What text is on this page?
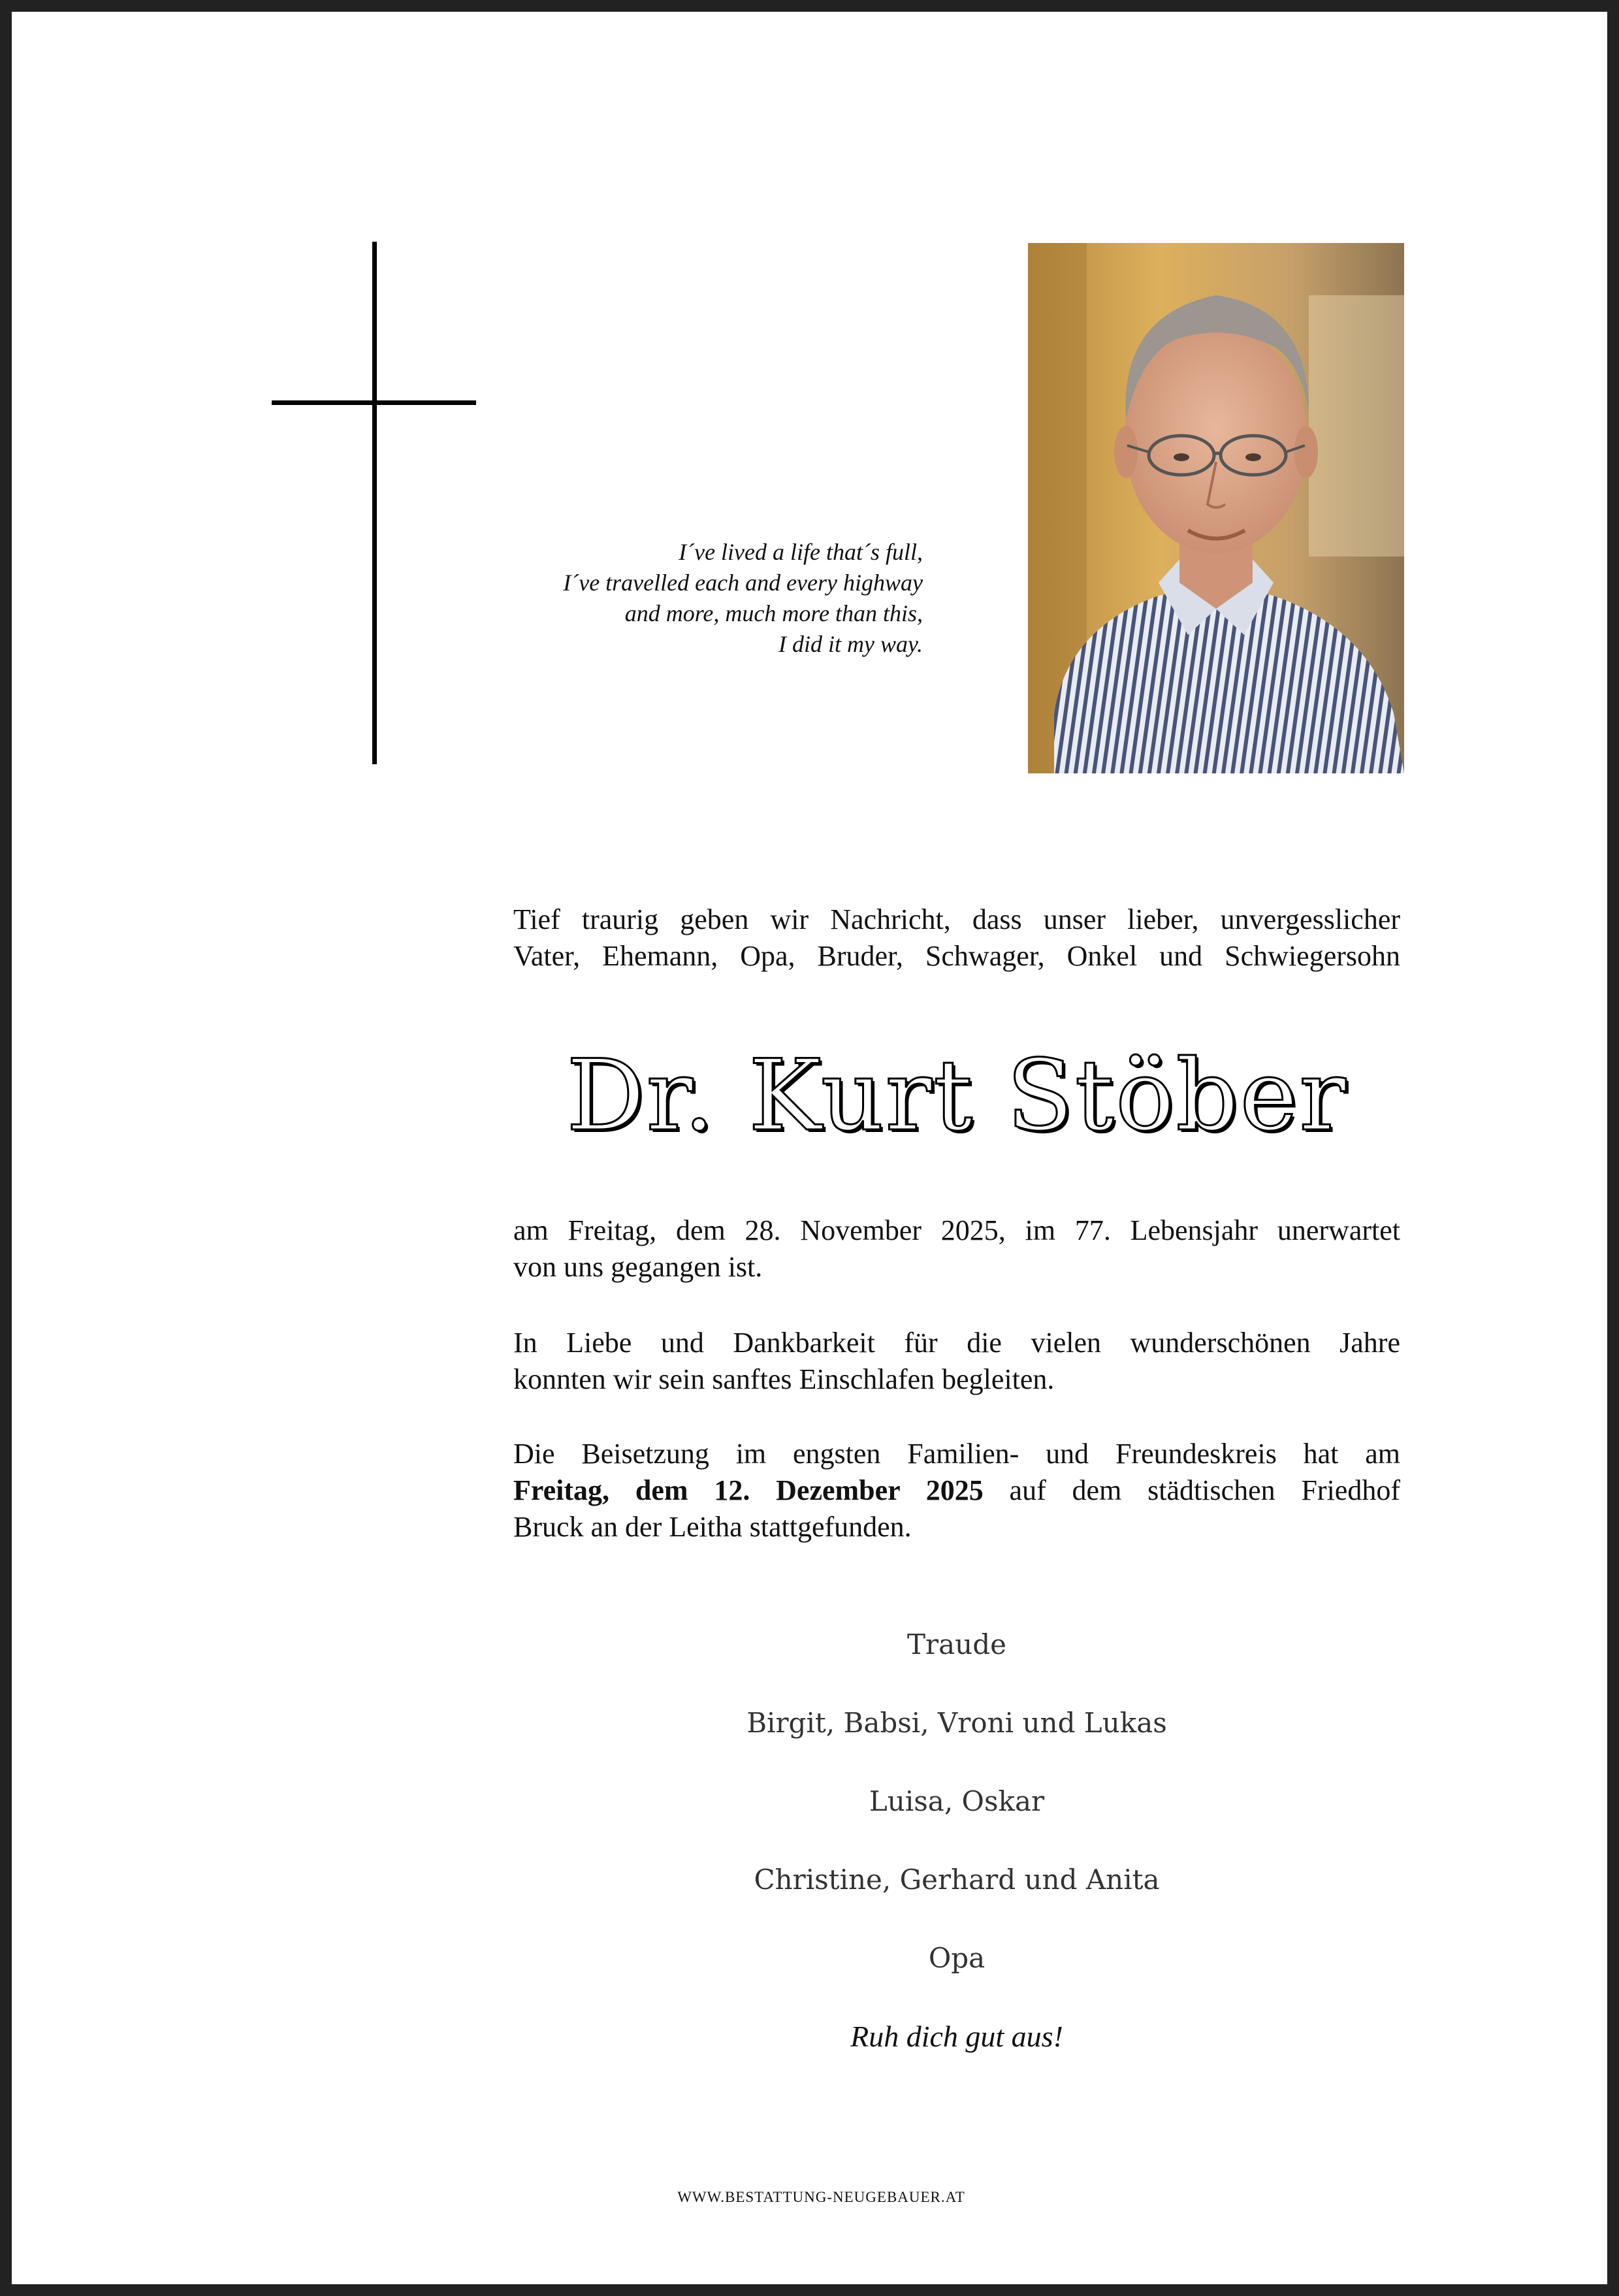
I´ve lived a life that´s full,
I´ve travelled each and every highway
and more, much more than this,
I did it my way.
Tief traurig geben wir Nachricht, dass unser lieber, unvergesslicher
Vater, Ehemann, Opa, Bruder, Schwager, Onkel und Schwiegersohn
Dr. Kurt Stöber
am Freitag, dem 28. November 2025, im 77. Lebensjahr unerwartet
von uns gegangen ist.
In Liebe und Dankbarkeit für die vielen wunderschönen Jahre
konnten wir sein sanftes Einschlafen begleiten.
Die Beisetzung im engsten Familien- und Freundeskreis hat am
Freitag, dem 12. Dezember 2025 auf dem städtischen Friedhof
Bruck an der Leitha stattgefunden.
Traude
Birgit, Babsi, Vroni und Lukas
Luisa, Oskar
Christine, Gerhard und Anita
Opa
Ruh dich gut aus!
WWW.BESTATTUNG-NEUGEBAUER.AT
